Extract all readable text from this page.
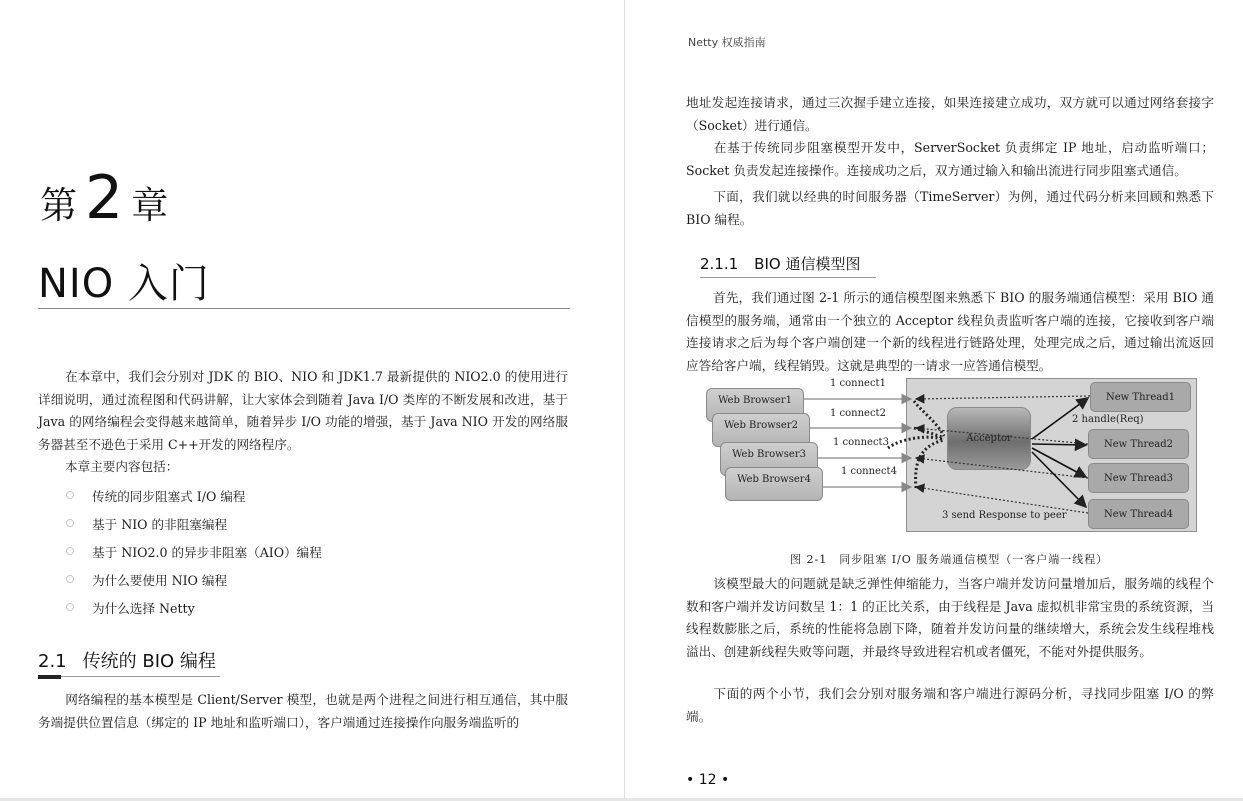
第 2 章
NIO 入门
在本章中，我们会分别对 JDK 的 BIO、NIO 和 JDK1.7 最新提供的 NIO2.0 的使用进行详细说明，通过流程图和代码讲解，让大家体会到随着 Java I/O 类库的不断发展和改进，基于 Java 的网络编程会变得越来越简单，随着异步 I/O 功能的增强，基于 Java NIO 开发的网络服务器甚至不逊色于采用 C++开发的网络程序。
本章主要内容包括：
传统的同步阻塞式 I/O 编程
基于 NIO 的非阻塞编程
基于 NIO2.0 的异步非阻塞（AIO）编程
为什么要使用 NIO 编程
为什么选择 Netty
2.1 传统的 BIO 编程
网络编程的基本模型是 Client/Server 模型，也就是两个进程之间进行相互通信，其中服务端提供位置信息（绑定的 IP 地址和监听端口），客户端通过连接操作向服务端监听的
Netty 权威指南
地址发起连接请求，通过三次握手建立连接，如果连接建立成功，双方就可以通过网络套接字（Socket）进行通信。
在基于传统同步阻塞模型开发中，ServerSocket 负责绑定 IP 地址，启动监听端口；Socket 负责发起连接操作。连接成功之后，双方通过输入和输出流进行同步阻塞式通信。
下面，我们就以经典的时间服务器（TimeServer）为例，通过代码分析来回顾和熟悉下 BIO 编程。
2.1.1 BIO 通信模型图
首先，我们通过图 2-1 所示的通信模型图来熟悉下 BIO 的服务端通信模型：采用 BIO 通信模型的服务端，通常由一个独立的 Acceptor 线程负责监听客户端的连接，它接收到客户端连接请求之后为每个客户端创建一个新的线程进行链路处理，处理完成之后，通过输出流返回应答给客户端，线程销毁。这就是典型的一请求一应答通信模型。
Web Browser1
Web Browser2
Web Browser3
Web Browser4
1 connect1
1 connect2
1 connect3
1 connect4
Acceptor
New Thread1
New Thread2
New Thread3
New Thread4
2 handle(Req)
3 send Response to peer
图 2-1　同步阻塞 I/O 服务端通信模型（一客户端一线程）
该模型最大的问题就是缺乏弹性伸缩能力，当客户端并发访问量增加后，服务端的线程个数和客户端并发访问数呈 1：1 的正比关系，由于线程是 Java 虚拟机非常宝贵的系统资源，当线程数膨胀之后，系统的性能将急剧下降，随着并发访问量的继续增大，系统会发生线程堆栈溢出、创建新线程失败等问题，并最终导致进程宕机或者僵死，不能对外提供服务。
下面的两个小节，我们会分别对服务端和客户端进行源码分析，寻找同步阻塞 I/O 的弊端。
• 12 •
